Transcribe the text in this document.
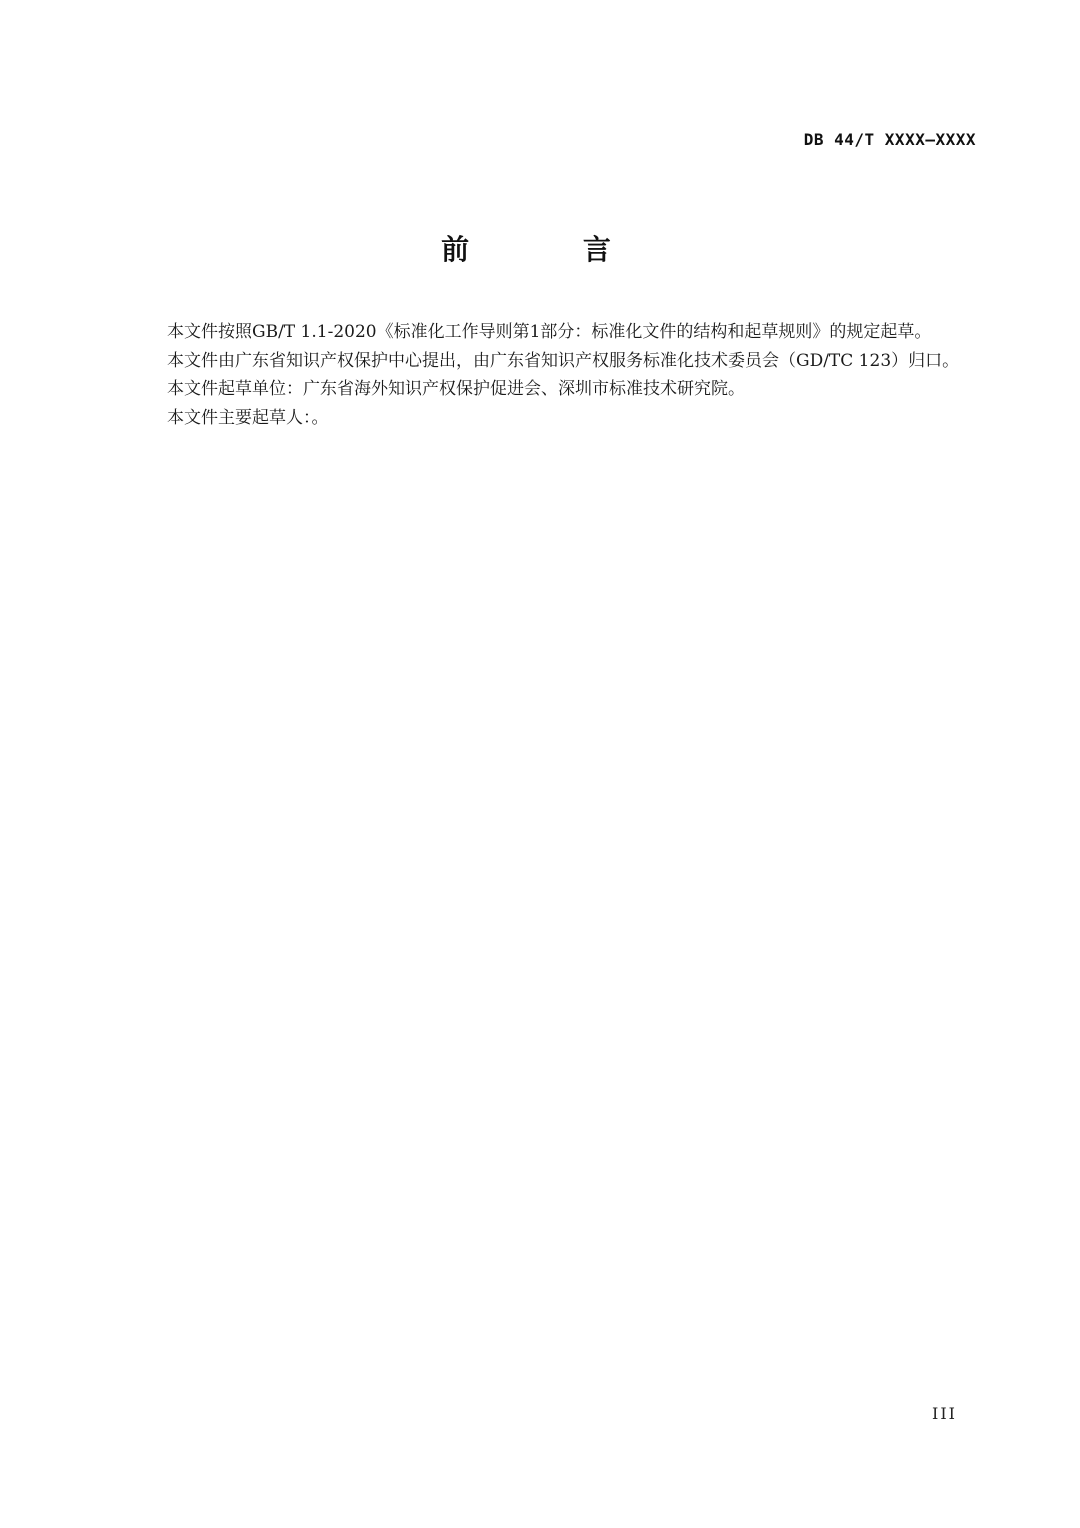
DB 44/T XXXX—XXXX
前 言

本文件按照GB/T 1.1-2020《标准化工作导则第1部分：标准化文件的结构和起草规则》的规定起草。

本文件由广东省知识产权保护中心提出，由广东省知识产权服务标准化技术委员会（GD/TC 123）归口。

本文件起草单位：广东省海外知识产权保护促进会、深圳市标准技术研究院。

本文件主要起草人：。

III
